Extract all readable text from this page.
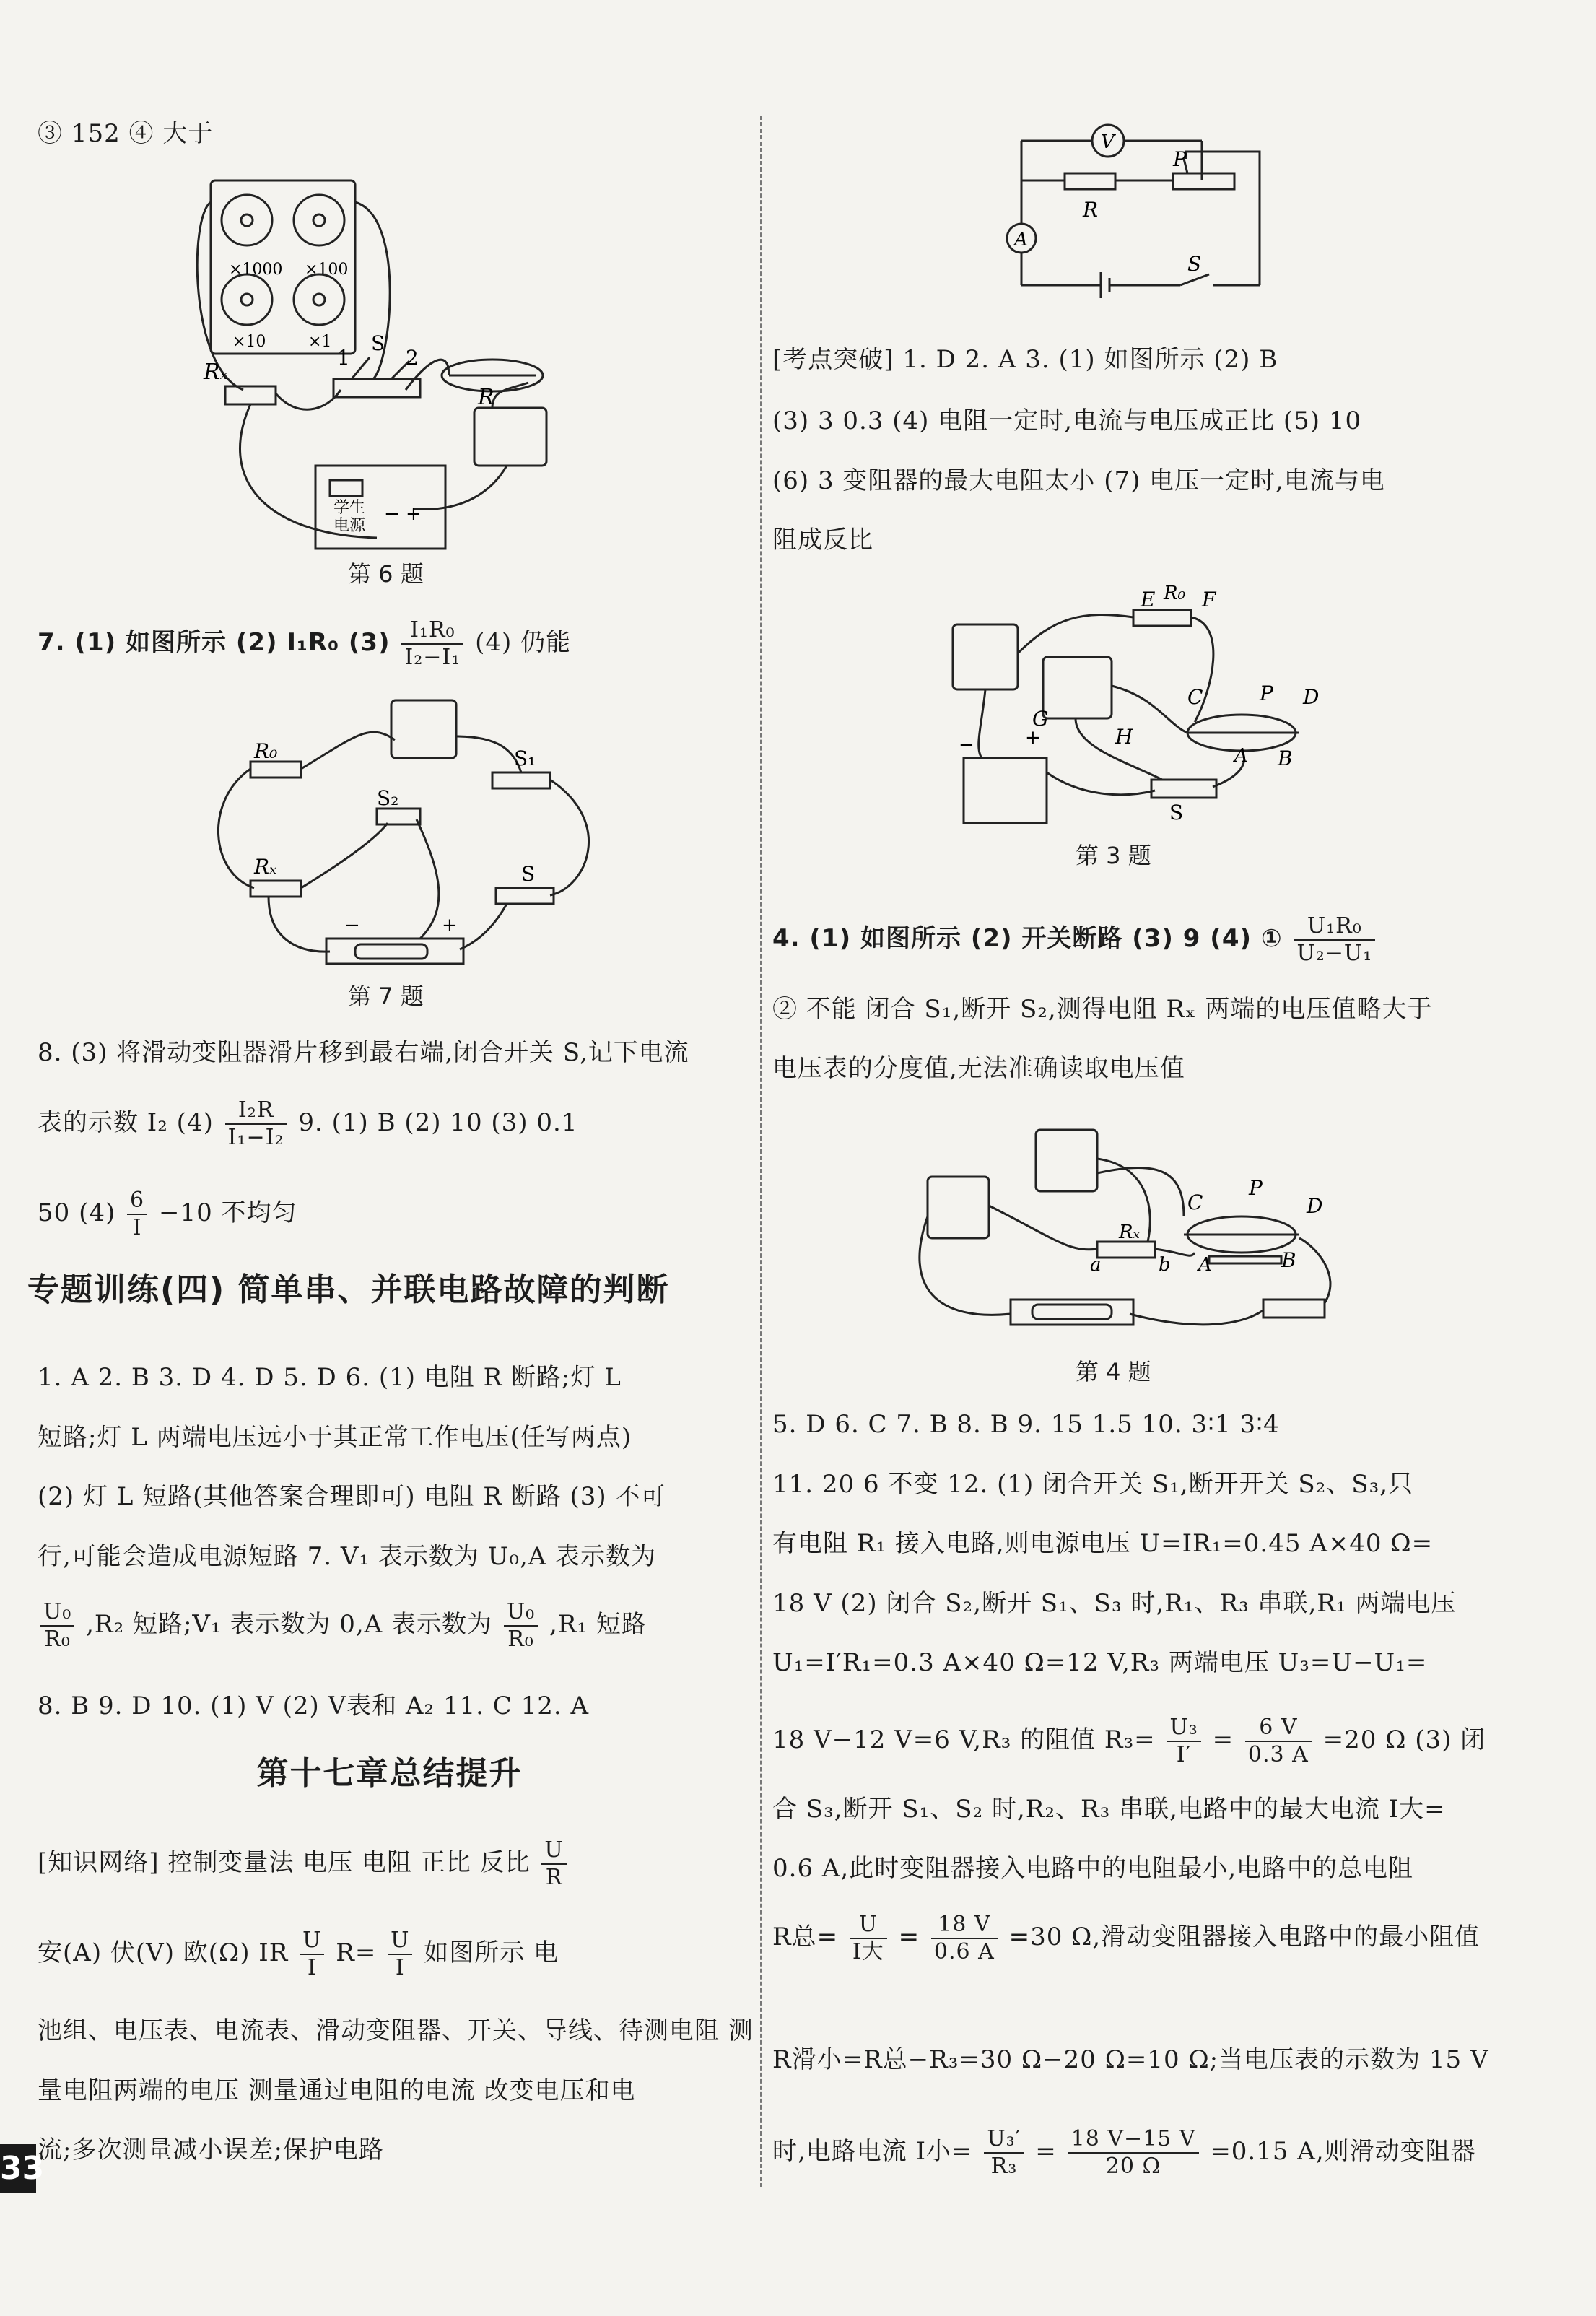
③ 152 ④ 大于
Rₓ
1
S
2
R
×1000 ×100
×10	×1
学生
电源
− +
第 6 题
7. (1) 如图所示 (2) I₁R₀ $(3) \frac{\text{I₁R₀}}{\text{I₂−I₁}} (4)$ 仍能
R₀
S₂
S₁
Rₓ	S
−	+
第 7 题
8. (3) 将滑动变阻器滑片移到最右端,闭合开关 S,记下电流
表的示数 I₂ $(4) \frac{\text{I₂R}}{\text{I₁−I₂}} 9$. (1) B (2) 10 (3) 0.1
50 $(4) \frac{6}{I} -10$ 不均匀
专题训练(四) 简单串、并联电路故障的判断
1. A 2. B 3. D 4. D 5. D 6. (1) 电阻 R 断路;灯 L
短路;灯 L 两端电压远小于其正常工作电压(任写两点)
(2) 灯 L 短路(其他答案合理即可) 电阻 R 断路 (3) 不可
行,可能会造成电源短路 7. V₁ 表示数为 U₀,A 表示数为
$\frac{\text{U₀}}{\text{R₀}} ,R_2$ 短路;V₁ 表示数为 0,A 表示数为 $\frac{\text{U₀}}{\text{R₀}} ,R_1$ 短路
8. B 9. D 10. (1) V (2) V表和 A₂ 11. C 12. A
第十七章总结提升
[知识网络] 控制变量法 电压 电阻 正比 反比 $\frac{U}{R}$
安(A) 伏(V) 欧(Ω) IR $\frac{U}{I} R= \frac{U}{I}$ 如图所示 电
池组、电压表、电流表、滑动变阻器、开关、导线、待测电阻 测
量电阻两端的电压 测量通过电阻的电流 改变电压和电
流;多次测量减小误差;保护电路
V
A
R
P
S
[考点突破] 1. D 2. A 3. (1) 如图所示 (2) B
(3) 3 0.3 (4) 电阻一定时,电流与电压成正比 (5) 10
(6) 3 变阻器的最大电阻太小 (7) 电压一定时,电流与电
阻成反比
E R₀ F
C	P D
G
H
A B
−	+
S
第 3 题
4. (1) 如图所示 (2) 开关断路 (3) 9 (4) ① $\frac{\text{U₁R₀}}{\text{U₂−U₁}}$
② 不能 闭合 S₁,断开 S₂,测得电阻 Rₓ 两端的电压值略大于
电压表的分度值,无法准确读取电压值
Rₓ
a	b
C
P
D
A	B
第 4 题
5. D 6. C 7. B 8. B 9. 15 1.5 10. 3∶1 3∶4
11. 20 6 不变 12. (1) 闭合开关 S₁,断开开关 S₂、S₃,只
有电阻 R₁ 接入电路,则电源电压 U=IR₁=0.45 A×40 Ω=
18 V (2) 闭合 S₂,断开 S₁、S₃ 时,R₁、R₃ 串联,R₁ 两端电压
U₁=I′R₁=0.3 A×40 Ω=12 V,R₃ 两端电压 U₃=U−U₁=
18 V−12 V=6 V,R₃ 的阻值 $R_3= \frac{\text{U₃}}{I'} = \frac{6 V}{0.3 A} =20$ Ω (3) 闭
合 S₃,断开 S₁、S₂ 时,R₂、R₃ 串联,电路中的最大电流 I大=
0.6 A,此时变阻器接入电路中的电阻最小,电路中的总电阻
R总= $\frac{U}{\text{I大}} = \frac{18 V}{0.6 A} =30$ Ω,滑动变阻器接入电路中的最小阻值
R滑小=R总−R₃=30 Ω−20 Ω=10 Ω;当电压表的示数为 15 V
时,电路电流 I小= $\frac{\text{U₃′}}{\text{R₃}} = \frac{18 V-15 V}{20 \Omega} =0.15$ A,则滑动变阻器
33
